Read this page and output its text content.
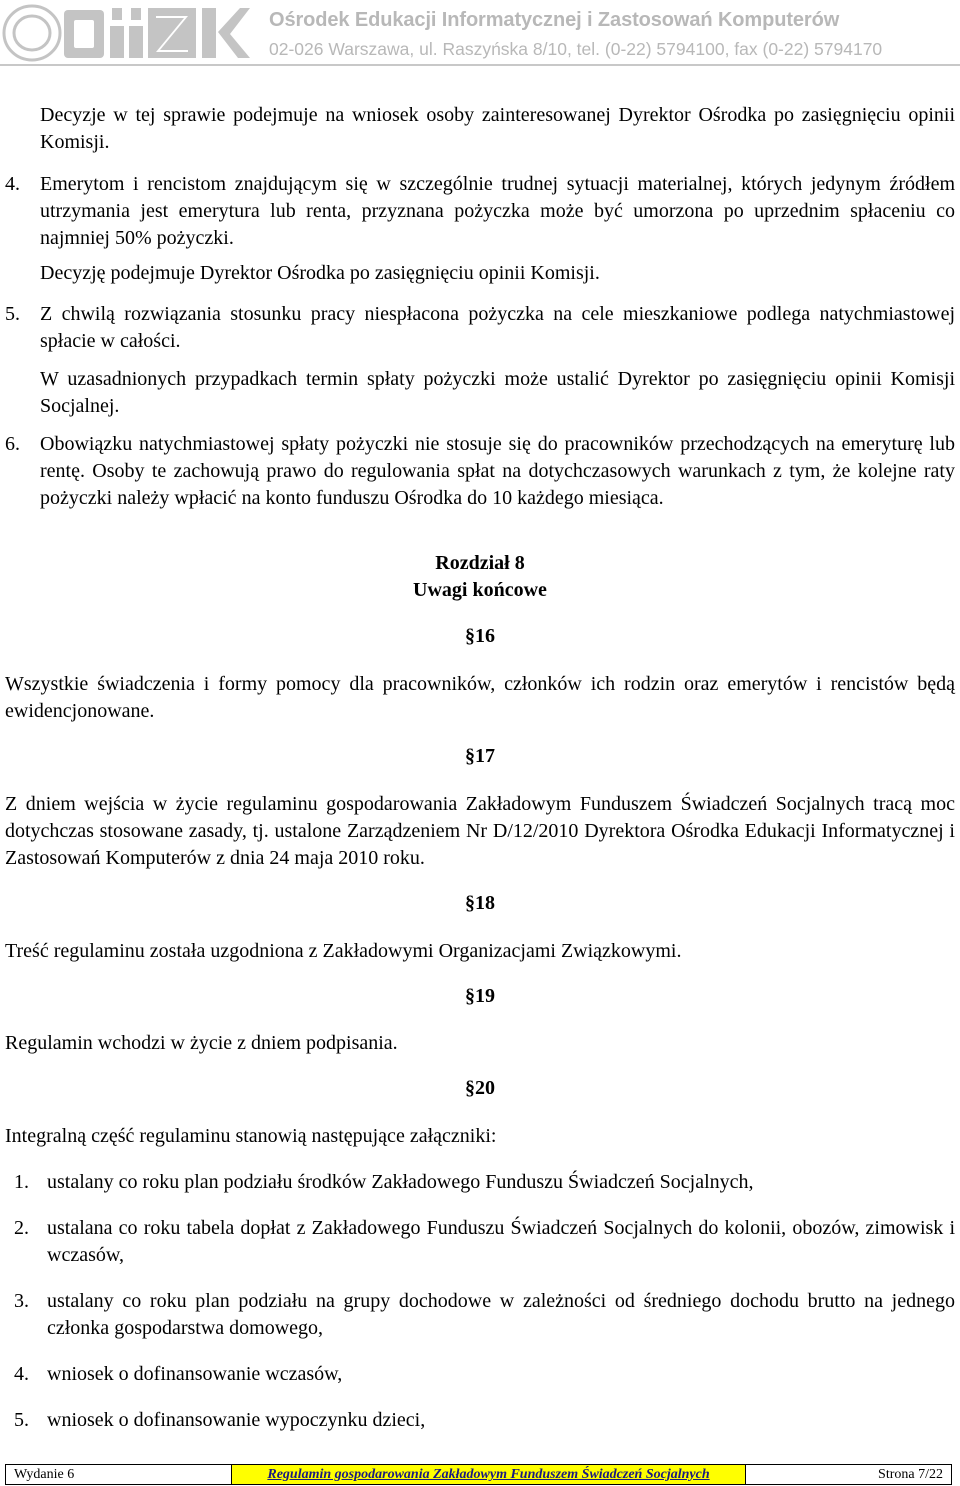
Ośrodek Edukacji Informatycznej i Zastosowań Komputerów
02-026 Warszawa, ul. Raszyńska 8/10, tel. (0-22) 5794100, fax (0-22) 5794170
Decyzje w tej sprawie podejmuje na wniosek osoby zainteresowanej Dyrektor Ośrodka po zasięgnięciu opinii Komisji.
4. Emerytom i rencistom znajdującym się w szczególnie trudnej sytuacji materialnej, których jedynym źródłem utrzymania jest emerytura lub renta, przyznana pożyczka może być umorzona po uprzednim spłaceniu co najmniej 50% pożyczki.
Decyzję podejmuje Dyrektor Ośrodka po zasięgnięciu opinii Komisji.
5. Z chwilą rozwiązania stosunku pracy niespłacona pożyczka na cele mieszkaniowe podlega natychmiastowej spłacie w całości.
W uzasadnionych przypadkach termin spłaty pożyczki może ustalić Dyrektor po zasięgnięciu opinii Komisji Socjalnej.
6. Obowiązku natychmiastowej spłaty pożyczki nie stosuje się do pracowników przechodzących na emeryturę lub rentę. Osoby te zachowują prawo do regulowania spłat na dotychczasowych warunkach z tym, że kolejne raty pożyczki należy wpłacić na konto funduszu Ośrodka do 10 każdego miesiąca.
Rozdział 8
Uwagi końcowe
§16
Wszystkie świadczenia i formy pomocy dla pracowników, członków ich rodzin oraz emerytów i rencistów będą ewidencjonowane.
§17
Z dniem wejścia w życie regulaminu gospodarowania Zakładowym Funduszem Świadczeń Socjalnych tracą moc dotychczas stosowane zasady, tj. ustalone Zarządzeniem Nr D/12/2010 Dyrektora Ośrodka Edukacji Informatycznej i Zastosowań Komputerów z dnia 24 maja 2010 roku.
§18
Treść regulaminu została uzgodniona z Zakładowymi Organizacjami Związkowymi.
§19
Regulamin wchodzi w życie z dniem podpisania.
§20
Integralną część regulaminu stanowią następujące załączniki:
1. ustalany co roku plan podziału środków Zakładowego Funduszu Świadczeń Socjalnych,
2. ustalana co roku tabela dopłat z Zakładowego Funduszu Świadczeń Socjalnych do kolonii, obozów, zimowisk i wczasów,
3. ustalany co roku plan podziału na grupy dochodowe w zależności od średniego dochodu brutto na jednego członka gospodarstwa domowego,
4. wniosek o dofinansowanie wczasów,
5. wniosek o dofinansowanie wypoczynku dzieci,
Wydanie 6	Regulamin gospodarowania Zakładowym Funduszem Świadczeń Socjalnych	Strona 7/22
